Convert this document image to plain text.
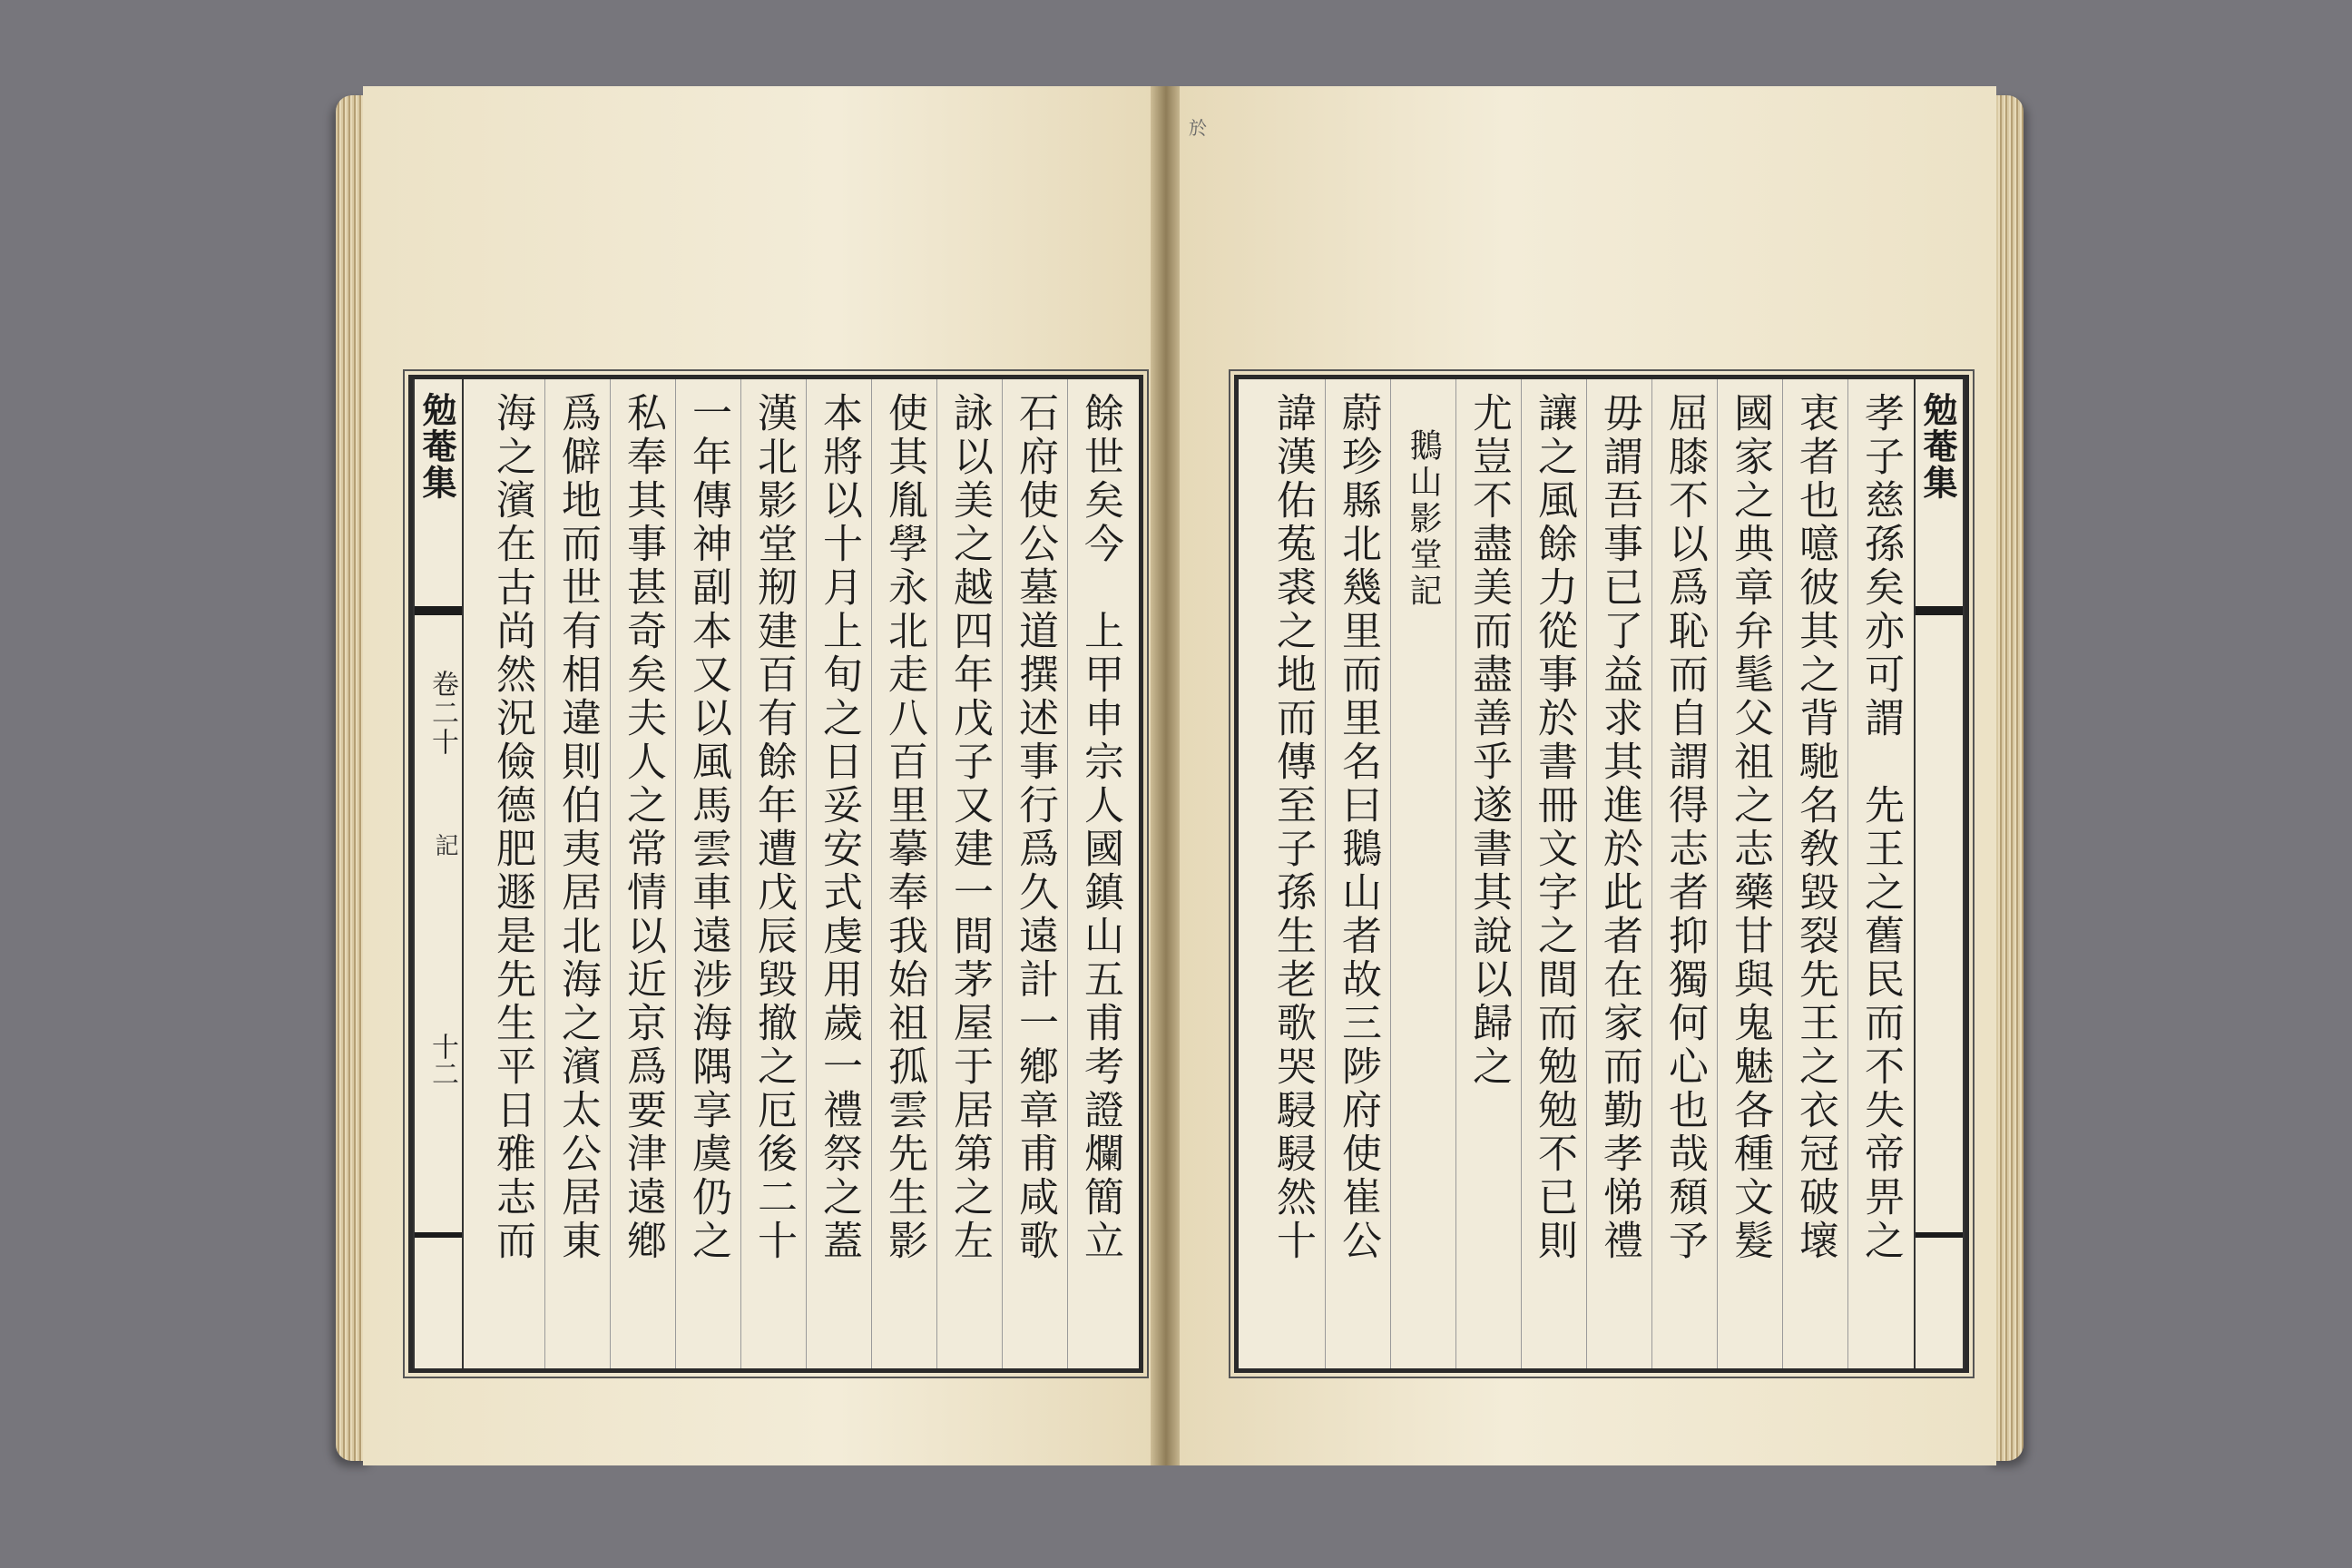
餘世矣今　上甲申宗人國鎮山五甫考證爛簡立
石府使公墓道撰述事行爲久遠計一鄕章甫咸歌
詠以美之越四年戊子又建一間茅屋于居第之左
使其胤學永北走八百里摹奉我始祖孤雲先生影
本將以十月上旬之日妥安式虔用歲一禮祭之蓋
漢北影堂剏建百有餘年遭戊辰毀撤之厄後二十
一年傳神副本又以風馬雲車遠涉海隅享虞仍之
私奉其事甚奇矣夫人之常情以近京爲要津遠鄕
爲僻地而世有相違則伯夷居北海之濱太公居東
海之濱在古尚然況儉德肥遯是先生平日雅志而
勉菴集
卷二十
記
十二
於
勉菴集
孝子慈孫矣亦可謂　先王之舊民而不失帝畀之
衷者也噫彼其之背馳名敎毀裂先王之衣冠破壞
國家之典章弁髦父祖之志藥甘與鬼魅各種文髮
屈膝不以爲恥而自謂得志者抑獨何心也哉頹予
毋謂吾事已了益求其進於此者在家而勤孝悌禮
讓之風餘力從事於書冊文字之間而勉勉不已則
尤豈不盡美而盡善乎遂書其說以歸之
鵝山影堂記
蔚珍縣北幾里而里名曰鵝山者故三陟府使崔公
諱漢佑菟裘之地而傳至子孫生老歌哭駸駸然十
